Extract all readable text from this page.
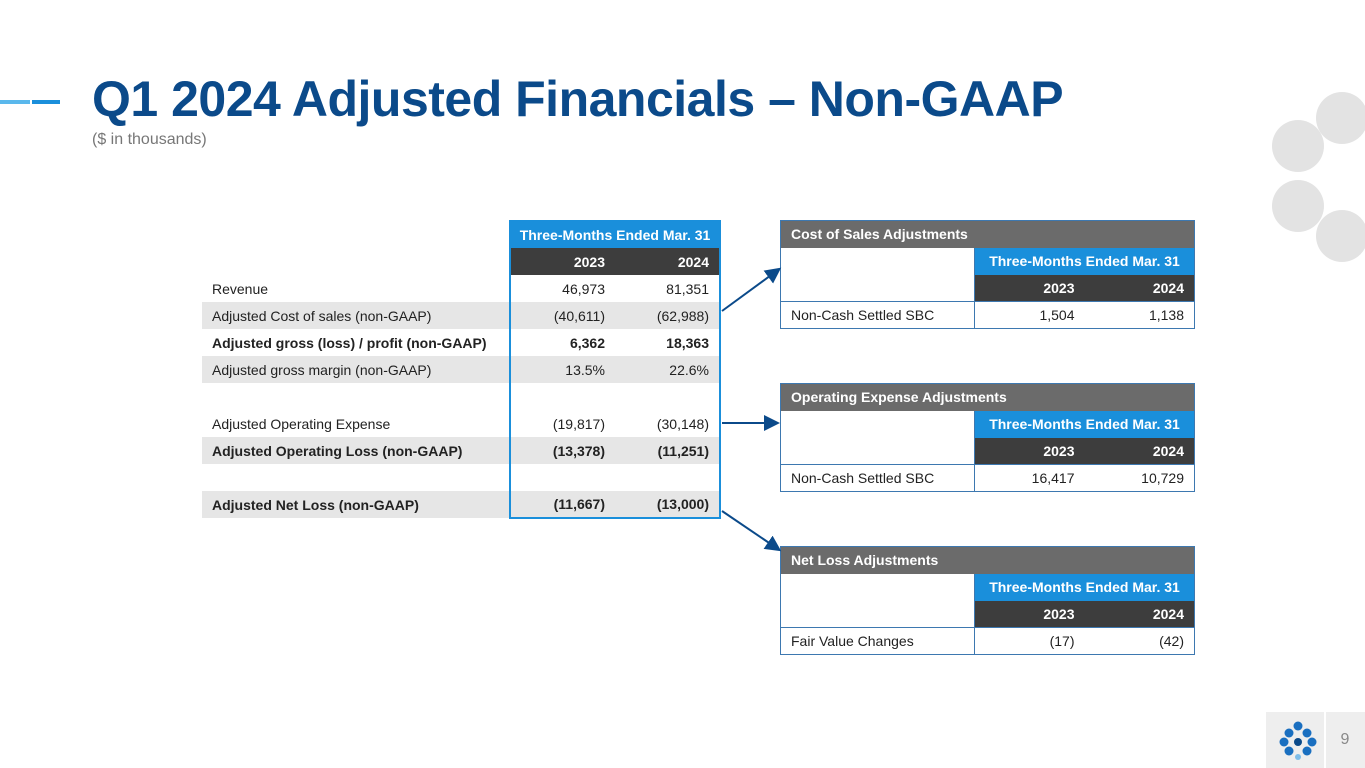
Q1 2024 Adjusted Financials – Non-GAAP
($ in thousands)
	Three-Months Ended Mar. 31	
	2023	2024
Revenue	46,973	81,351
Adjusted Cost of sales (non-GAAP)	(40,611)	(62,988)
Adjusted gross (loss) / profit (non-GAAP)	6,362	18,363
Adjusted gross margin (non-GAAP)	13.5%	22.6%

Adjusted Operating Expense	(19,817)	(30,148)
Adjusted Operating Loss (non-GAAP)	(13,378)	(11,251)

Adjusted Net Loss (non-GAAP)	(11,667)	(13,000)
Cost of Sales Adjustments		
	Three-Months Ended Mar. 31	
	2023	2024
Non-Cash Settled SBC	1,504	1,138
Operating Expense Adjustments		
	Three-Months Ended Mar. 31	
	2023	2024
Non-Cash Settled SBC	16,417	10,729
Net Loss Adjustments		
	Three-Months Ended Mar. 31	
	2023	2024
Fair Value Changes	(17)	(42)
9
